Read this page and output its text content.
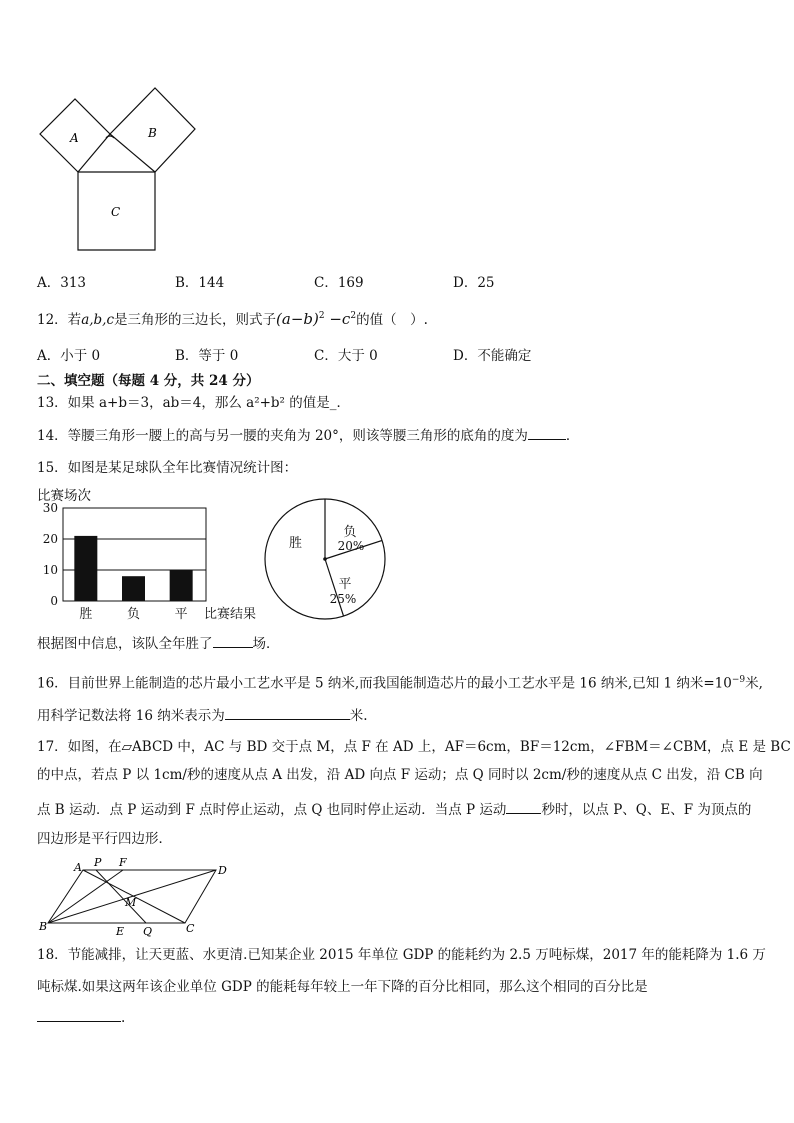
A	B
C
A．313	B．144	C．169	D．25
12．若a,b,c是三角形的三边长，则式子$(a-b)^2 -c^2$的值（　）.
A．小于 0	B．等于 0	C．大于 0	D．不能确定
二、填空题（每题 4 分，共 24 分）
13．如果 a+b＝3，ab＝4，那么 a²+b² 的值是_．
14．等腰三角形一腰上的高与另一腰的夹角为 20°，则该等腰三角形的底角的度为	．
15．如图是某足球队全年比赛情况统计图：
比赛场次
0
10
20
30
胜	负	平 比赛结果
胜
负
20%
平
25%
根据图中信息，该队全年胜了	场．
16．目前世界上能制造的芯片最小工艺水平是 5 纳米,而我国能制造芯片的最小工艺水平是 16 纳米,已知 1 纳米$=10^{-9}$米,
用科学记数法将 16 纳米表示为	米.
17．如图，在▱ABCD 中，AC 与 BD 交于点 M，点 F 在 AD 上，AF＝6cm，BF＝12cm，∠FBM＝∠CBM，点 E 是 BC
的中点，若点 P 以 1cm/秒的速度从点 A 出发，沿 AD 向点 F 运动；点 Q 同时以 2cm/秒的速度从点 C 出发，沿 CB 向
点 B 运动．点 P 运动到 F 点时停止运动，点 Q 也同时停止运动．当点 P 运动	秒时，以点 P、Q、E、F 为顶点的
四边形是平行四边形．
A P F
D
M
B	E Q	C
18．节能减排，让天更蓝、水更清.已知某企业 2015 年单位 GDP 的能耗约为 2.5 万吨标煤，2017 年的能耗降为 1.6 万
吨标煤.如果这两年该企业单位 GDP 的能耗每年较上一年下降的百分比相同，那么这个相同的百分比是
.
